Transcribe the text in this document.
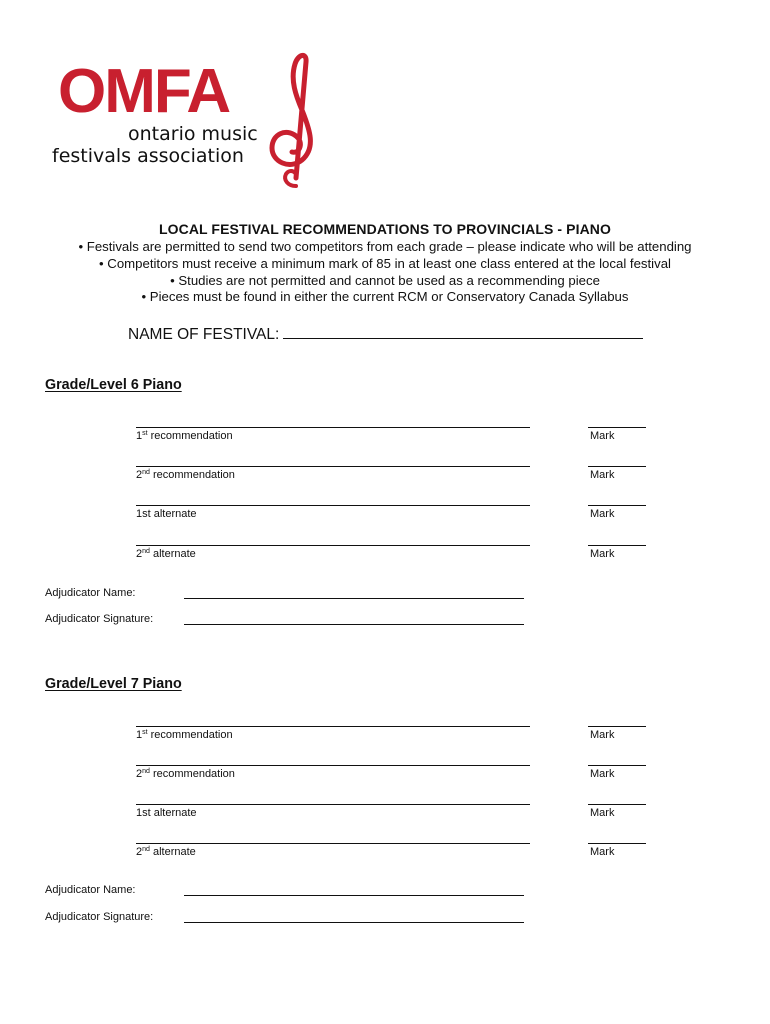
OMFA
ontario music
festivals association
LOCAL FESTIVAL RECOMMENDATIONS TO PROVINCIALS - PIANO
• Festivals are permitted to send two competitors from each grade – please indicate who will be attending
• Competitors must receive a minimum mark of 85 in at least one class entered at the local festival
• Studies are not permitted and cannot be used as a recommending piece
• Pieces must be found in either the current RCM or Conservatory Canada Syllabus
NAME OF FESTIVAL:
Grade/Level 6 Piano
1st recommendation	Mark
2nd recommendation	Mark
1st alternate	Mark
2nd alternate	Mark
Adjudicator Name:
Adjudicator Signature:
Grade/Level 7 Piano
1st recommendation	Mark
2nd recommendation	Mark
1st alternate	Mark
2nd alternate	Mark
Adjudicator Name:
Adjudicator Signature:
